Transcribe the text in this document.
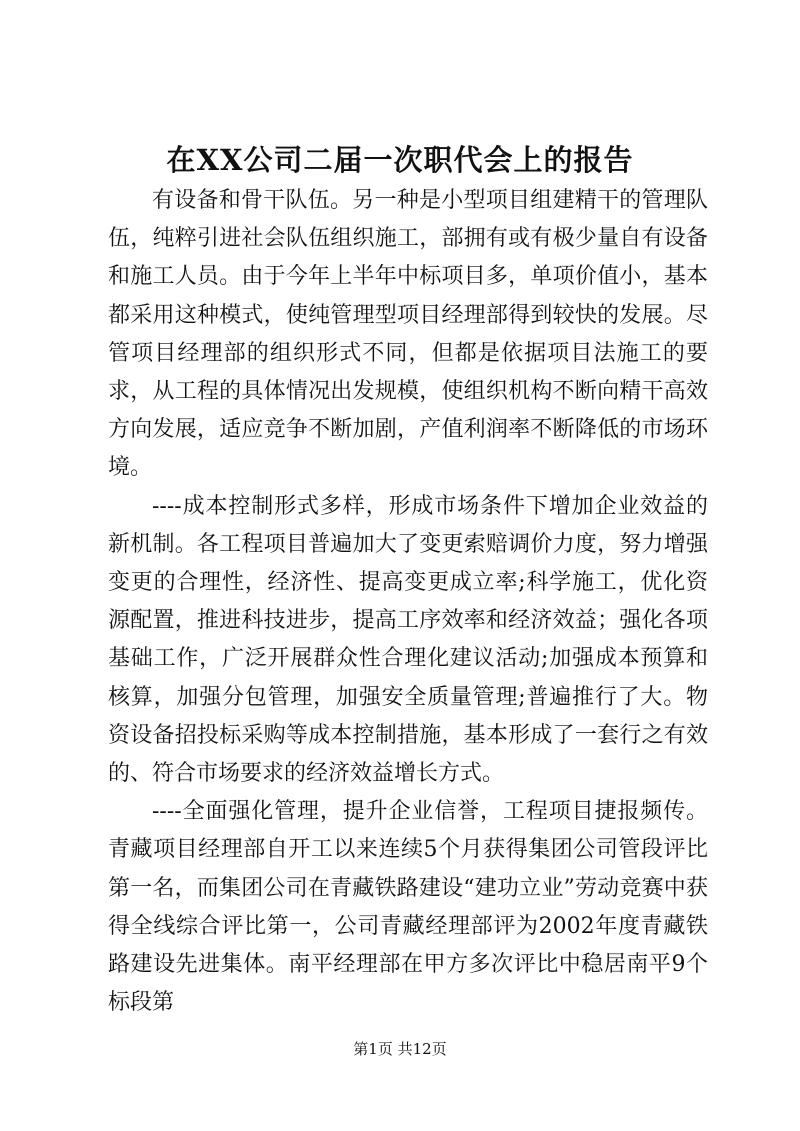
在XX公司二届一次职代会上的报告

有设备和骨干队伍。另一种是小型项目组建精干的管理队伍，纯粹引进社会队伍组织施工，部拥有或有极少量自有设备和施工人员。由于今年上半年中标项目多，单项价值小，基本都采用这种模式，使纯管理型项目经理部得到较快的发展。尽管项目经理部的组织形式不同，但都是依据项目法施工的要求，从工程的具体情况出发规模，使组织机构不断向精干高效方向发展，适应竞争不断加剧，产值利润率不断降低的市场环境。

----成本控制形式多样，形成市场条件下增加企业效益的新机制。各工程项目普遍加大了变更索赔调价力度，努力增强变更的合理性，经济性、提高变更成立率;科学施工，优化资源配置，推进科技进步，提高工序效率和经济效益；强化各项基础工作，广泛开展群众性合理化建议活动;加强成本预算和核算，加强分包管理，加强安全质量管理;普遍推行了大。物资设备招投标采购等成本控制措施，基本形成了一套行之有效的、符合市场要求的经济效益增长方式。

----全面强化管理，提升企业信誉，工程项目捷报频传。青藏项目经理部自开工以来连续5个月获得集团公司管段评比第一名，而集团公司在青藏铁路建设“建功立业”劳动竞赛中获得全线综合评比第一，公司青藏经理部评为2002年度青藏铁路建设先进集体。南平经理部在甲方多次评比中稳居南平9个标段第

第1页 共12页
